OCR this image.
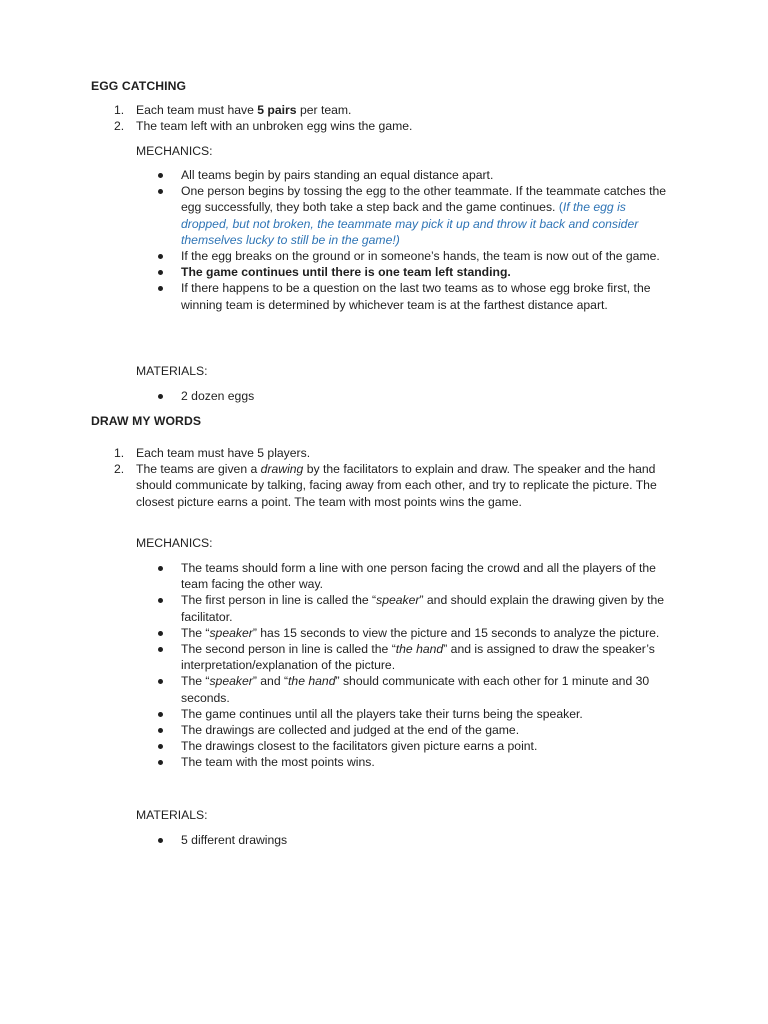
EGG CATCHING
1. Each team must have 5 pairs per team.
2. The team left with an unbroken egg wins the game.
MECHANICS:
All teams begin by pairs standing an equal distance apart.
One person begins by tossing the egg to the other teammate. If the teammate catches the egg successfully, they both take a step back and the game continues. (If the egg is dropped, but not broken, the teammate may pick it up and throw it back and consider themselves lucky to still be in the game!)
If the egg breaks on the ground or in someone’s hands, the team is now out of the game.
The game continues until there is one team left standing.
If there happens to be a question on the last two teams as to whose egg broke first, the winning team is determined by whichever team is at the farthest distance apart.
MATERIALS:
2 dozen eggs
DRAW MY WORDS
1. Each team must have 5 players.
2. The teams are given a drawing by the facilitators to explain and draw. The speaker and the hand should communicate by talking, facing away from each other, and try to replicate the picture. The closest picture earns a point. The team with most points wins the game.
MECHANICS:
The teams should form a line with one person facing the crowd and all the players of the team facing the other way.
The first person in line is called the “speaker” and should explain the drawing given by the facilitator.
The “speaker” has 15 seconds to view the picture and 15 seconds to analyze the picture.
The second person in line is called the “the hand” and is assigned to draw the speaker’s interpretation/explanation of the picture.
The “speaker” and “the hand” should communicate with each other for 1 minute and 30 seconds.
The game continues until all the players take their turns being the speaker.
The drawings are collected and judged at the end of the game.
The drawings closest to the facilitators given picture earns a point.
The team with the most points wins.
MATERIALS:
5 different drawings
